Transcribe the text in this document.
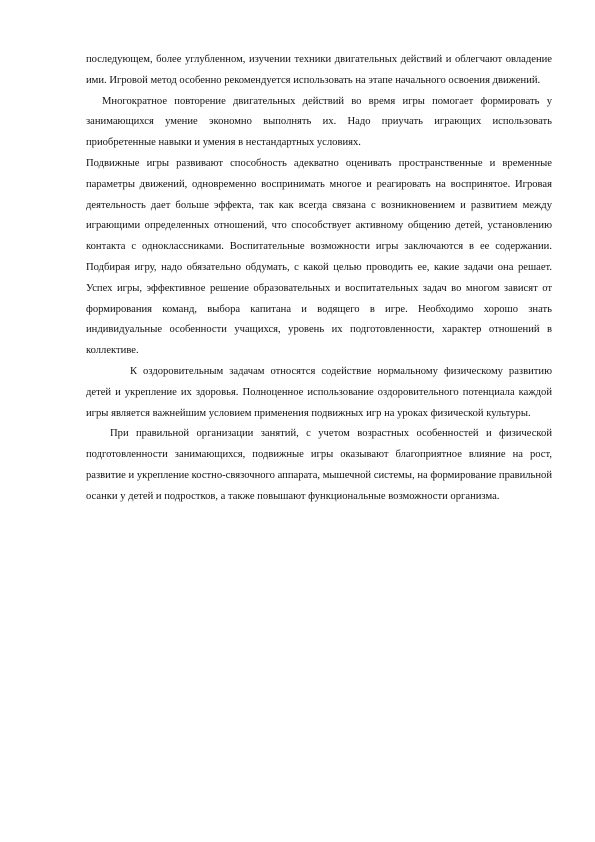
последующем, более углубленном, изучении техники двигательных действий и облегчают овладение ими. Игровой метод особенно рекомендуется использовать на этапе начального освоения движений.

Многократное повторение двигательных действий во время игры помогает формировать у занимающихся умение экономно выполнять их. Надо приучать играющих использовать приобретенные навыки и умения в нестандартных условиях.

Подвижные игры развивают способность адекватно оценивать пространственные и временные параметры движений, одновременно воспринимать многое и реагировать на воспринятое. Игровая деятельность дает больше эффекта, так как всегда связана с возникновением и развитием между играющими определенных отношений, что способствует активному общению детей, установлению контакта с одноклассниками. Воспитательные возможности игры заключаются в ее содержании. Подбирая игру, надо обязательно обдумать, с какой целью проводить ее, какие задачи она решает. Успех игры, эффективное решение образовательных и воспитательных задач во многом зависят от формирования команд, выбора капитана и водящего в игре. Необходимо хорошо знать индивидуальные особенности учащихся, уровень их подготовленности, характер отношений в коллективе.

К оздоровительным задачам относятся содействие нормальному физическому развитию детей и укрепление их здоровья. Полноценное использование оздоровительного потенциала каждой игры является важнейшим условием применения подвижных игр на уроках физической культуры.

При правильной организации занятий, с учетом возрастных особенностей и физической подготовленности занимающихся, подвижные игры оказывают благоприятное влияние на рост, развитие и укрепление костно-связочного аппарата, мышечной системы, на формирование правильной осанки у детей и подростков, а также повышают функциональные возможности организма.
